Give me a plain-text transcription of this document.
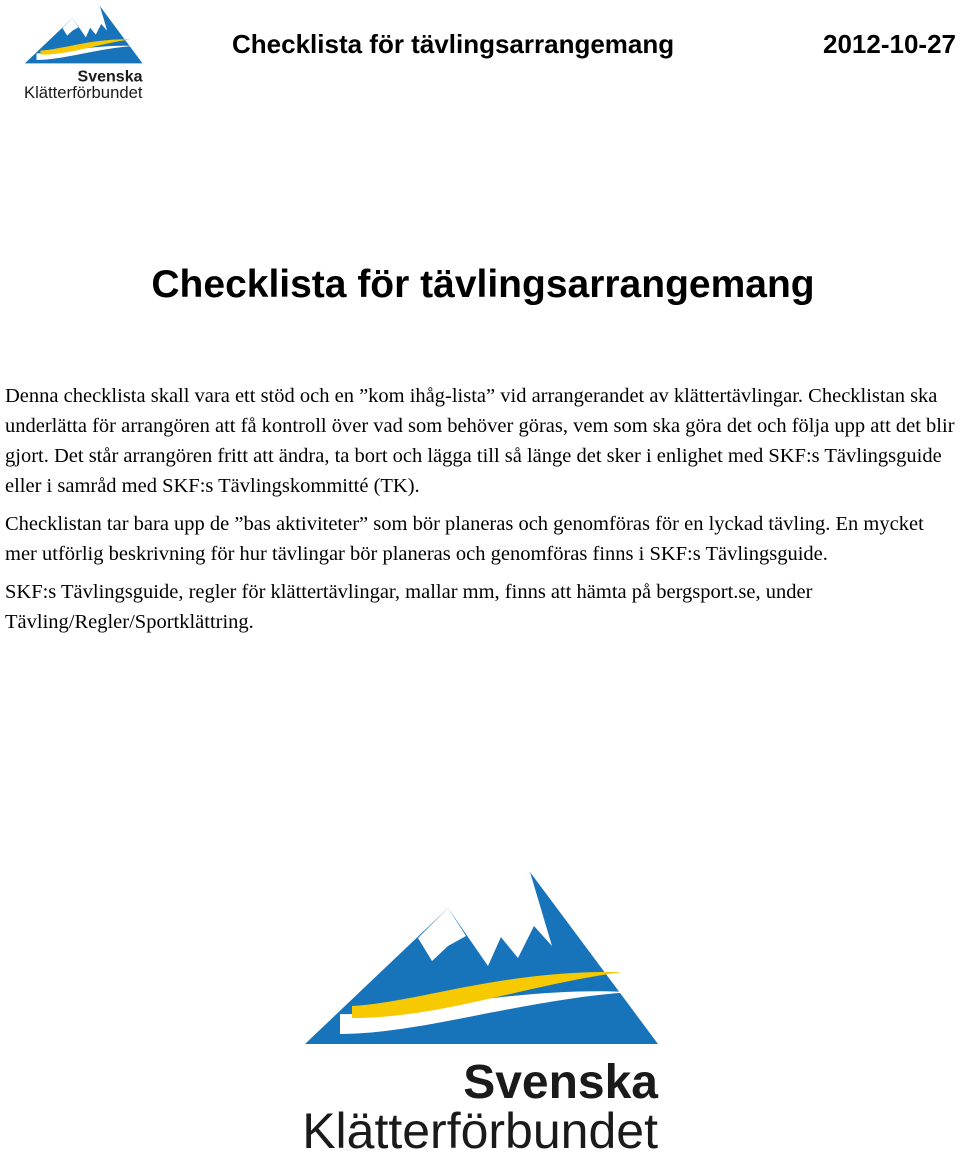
Svenska
Klätterförbundet
Checklista för tävlingsarrangemang	2012-10-27
Checklista för tävlingsarrangemang

Denna checklista skall vara ett stöd och en ”kom ihåg-lista” vid arrangerandet av klättertävlingar. Checklistan ska underlätta för arrangören att få kontroll över vad som behöver göras, vem som ska göra det och följa upp att det blir gjort. Det står arrangören fritt att ändra, ta bort och lägga till så länge det sker i enlighet med SKF:s Tävlingsguide eller i samråd med SKF:s Tävlingskommitté (TK).

Checklistan tar bara upp de ”bas aktiviteter” som bör planeras och genomföras för en lyckad tävling. En mycket mer utförlig beskrivning för hur tävlingar bör planeras och genomföras finns i SKF:s Tävlingsguide.

SKF:s Tävlingsguide, regler för klättertävlingar, mallar mm, finns att hämta på bergsport.se, under Tävling/Regler/Sportklättring.

Svenska
Klätterförbundet
